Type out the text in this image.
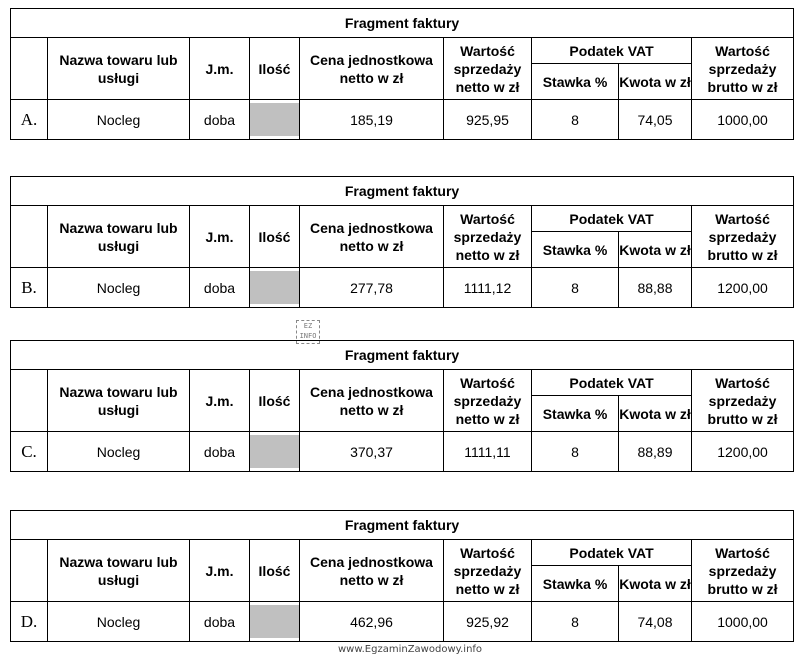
Fragment faktury								
	Nazwa towaru lub usługi	J.m.	Ilość	Cena jednostkowa netto w zł	Wartość sprzedaży netto w zł	Podatek VAT		Wartość sprzedaży brutto w zł
						Stawka %	Kwota w zł	
A.	Nocleg	doba		185,19	925,95	8	74,05	1000,00
Fragment faktury								
	Nazwa towaru lub usługi	J.m.	Ilość	Cena jednostkowa netto w zł	Wartość sprzedaży netto w zł	Podatek VAT		Wartość sprzedaży brutto w zł
						Stawka %	Kwota w zł	
B.	Nocleg	doba		277,78	1111,12	8	88,88	1200,00
Fragment faktury								
	Nazwa towaru lub usługi	J.m.	Ilość	Cena jednostkowa netto w zł	Wartość sprzedaży netto w zł	Podatek VAT		Wartość sprzedaży brutto w zł
						Stawka %	Kwota w zł	
C.	Nocleg	doba		370,37	1111,11	8	88,89	1200,00
Fragment faktury								
	Nazwa towaru lub usługi	J.m.	Ilość	Cena jednostkowa netto w zł	Wartość sprzedaży netto w zł	Podatek VAT		Wartość sprzedaży brutto w zł
						Stawka %	Kwota w zł	
D.	Nocleg	doba		462,96	925,92	8	74,08	1000,00
EZ INFO
www.EgzaminZawodowy.info
